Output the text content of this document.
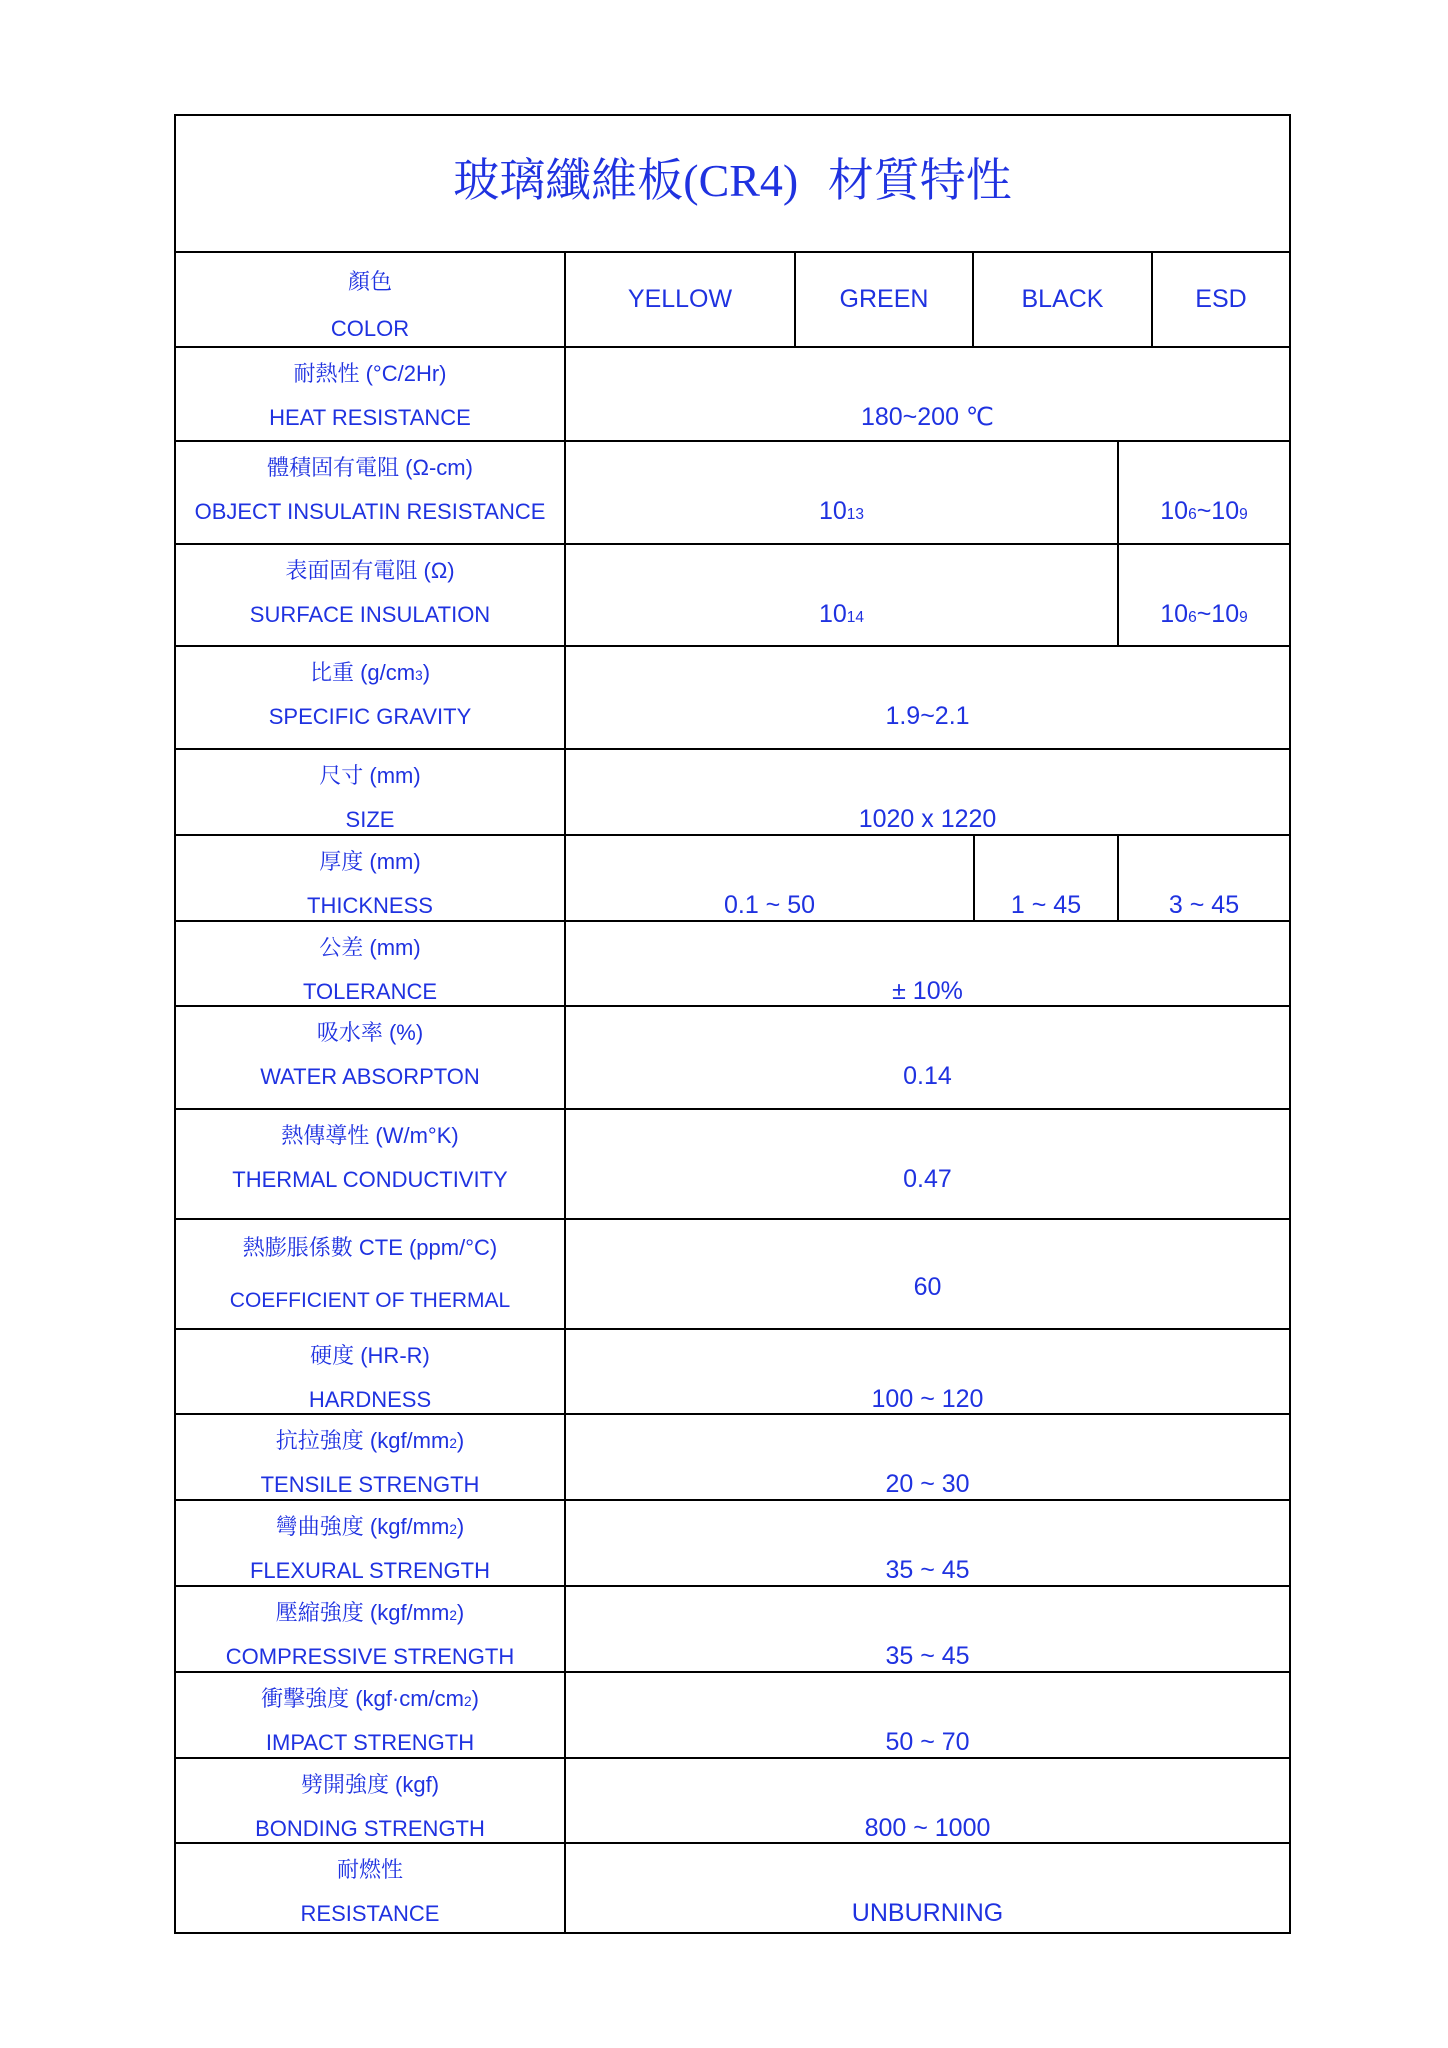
玻璃纖維板(CR4) 材質特性
顏色
COLOR
YELLOW	GREEN	BLACK	ESD
耐熱性 (°C/2Hr)
HEAT RESISTANCE	180~200 ℃
體積固有電阻 (Ω-cm)
OBJECT INSULATIN RESISTANCE	1013	106~109
表面固有電阻 (Ω)
SURFACE INSULATION	1014	106~109
比重 (g/cm3)
SPECIFIC GRAVITY	1.9~2.1
尺寸 (mm)
SIZE	1020 x 1220
厚度 (mm)
THICKNESS	0.1 ~ 50	1 ~ 45	3 ~ 45
公差 (mm)
TOLERANCE	± 10%
吸水率 (%)
WATER ABSORPTON	0.14
熱傳導性 (W/m°K)
THERMAL CONDUCTIVITY	0.47
熱膨脹係數 CTE (ppm/°C)
COEFFICIENT OF THERMAL	60
硬度 (HR-R)
HARDNESS	100 ~ 120
抗拉強度 (kgf/mm2)
TENSILE STRENGTH	20 ~ 30
彎曲強度 (kgf/mm2)
FLEXURAL STRENGTH	35 ~ 45
壓縮強度 (kgf/mm2)
COMPRESSIVE STRENGTH	35 ~ 45
衝擊強度 (kgf·cm/cm2)
IMPACT STRENGTH	50 ~ 70
劈開強度 (kgf)
BONDING STRENGTH	800 ~ 1000
耐燃性
RESISTANCE	UNBURNING
